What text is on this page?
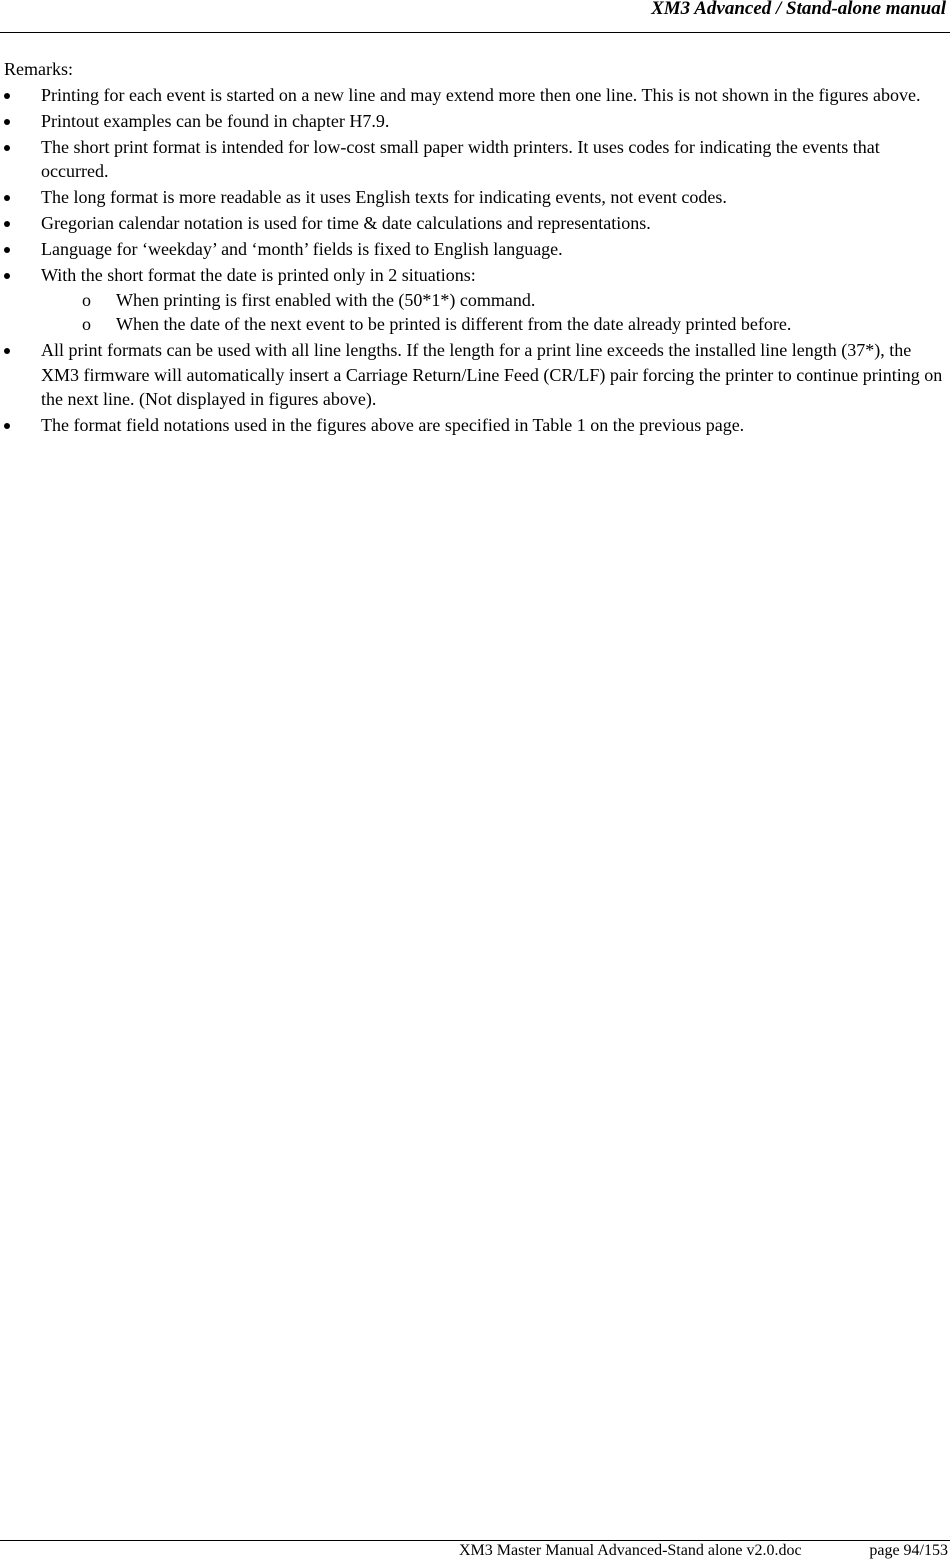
XM3 Advanced / Stand-alone manual
Remarks:
Printing for each event is started on a new line and may extend more then one line. This is not shown in the figures above.
Printout examples can be found in chapter H7.9.
The short print format is intended for low-cost small paper width printers. It uses codes for indicating the events that occurred.
The long format is more readable as it uses English texts for indicating events, not event codes.
Gregorian calendar notation is used for time & date calculations and representations.
Language for ‘weekday’ and ‘month’ fields is fixed to English language.
With the short format the date is printed only in 2 situations:
o When printing is first enabled with the (50*1*) command.
o When the date of the next event to be printed is different from the date already printed before.
All print formats can be used with all line lengths. If the length for a print line exceeds the installed line length (37*), the XM3 firmware will automatically insert a Carriage Return/Line Feed (CR/LF) pair forcing the printer to continue printing on the next line. (Not displayed in figures above).
The format field notations used in the figures above are specified in Table 1 on the previous page.
XM3 Master Manual Advanced-Stand alone v2.0.doc	page 94/153
